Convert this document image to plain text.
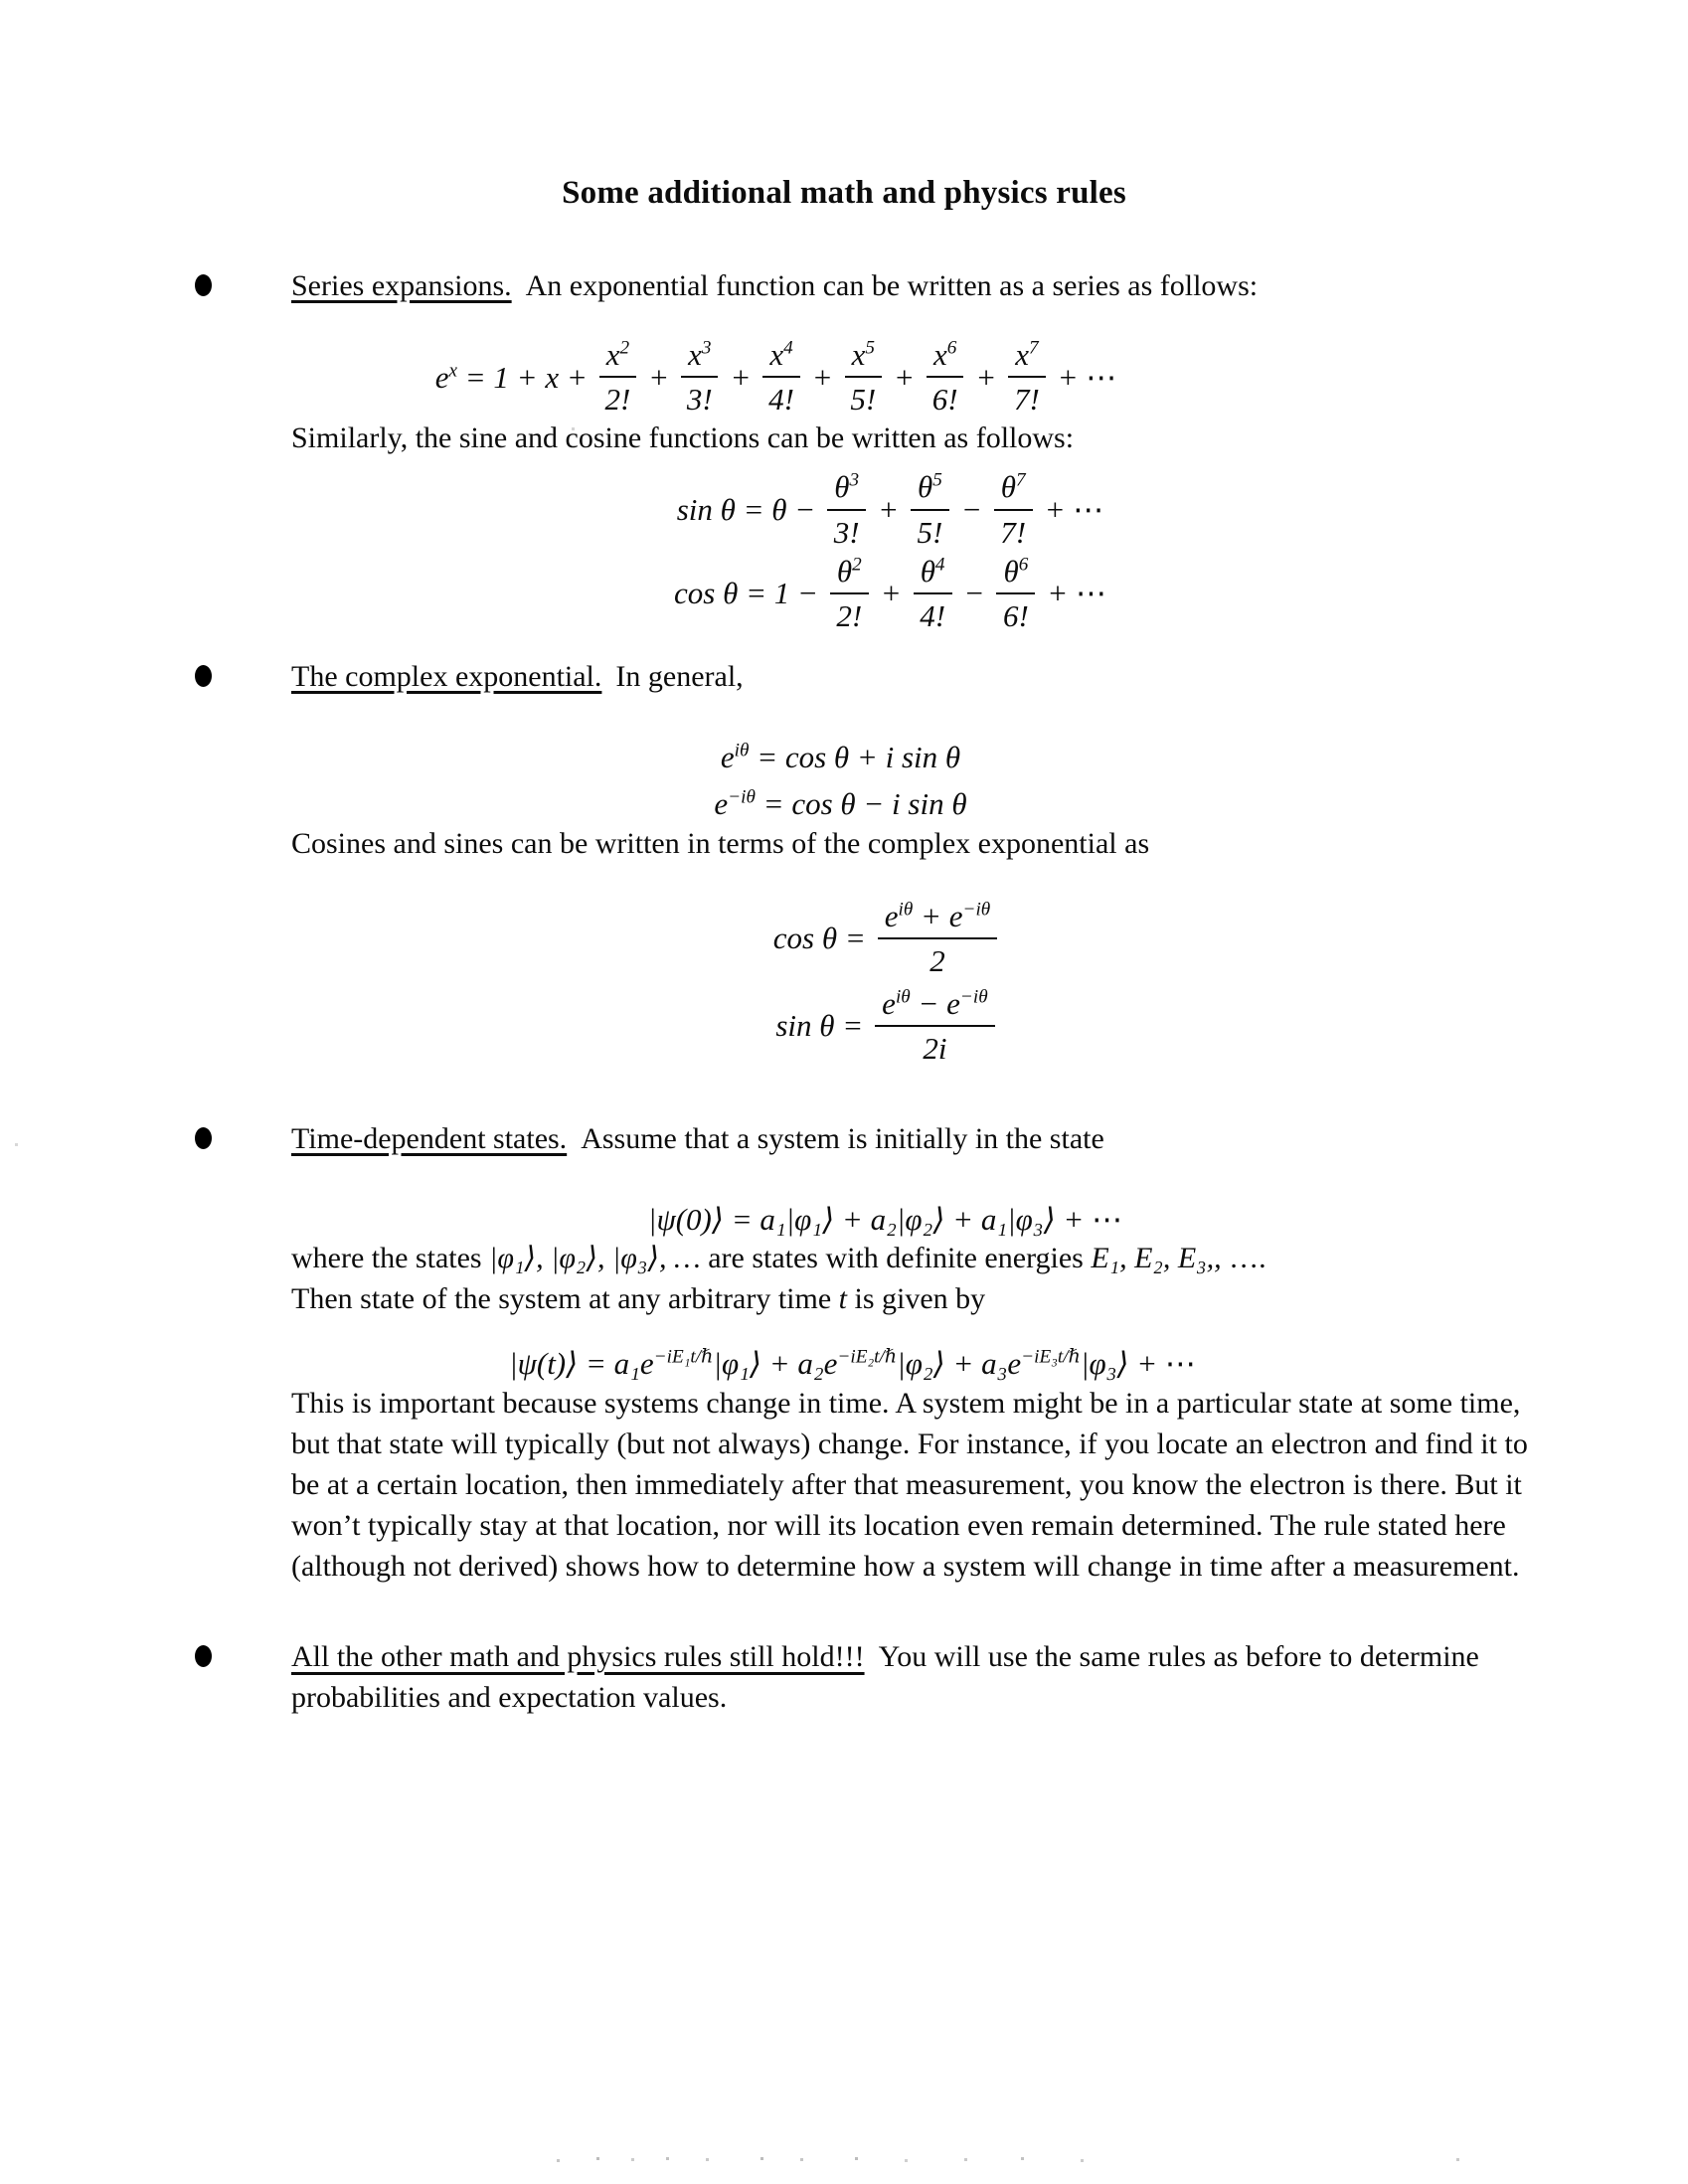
Some additional math and physics rules

Series expansions. An exponential function can be written as a series as follows:

$e^x = 1 + x + \frac{x^2}{2!} + \frac{x^3}{3!} + \frac{x^4}{4!} + \frac{x^5}{5!} + \frac{x^6}{6!} + \frac{x^7}{7!}$ + ⋯

Similarly, the sine and cosine functions can be written as follows:

$\sin \theta = \theta - \frac{\theta^3}{3!} + \frac{\theta^5}{5!} - \frac{\theta^7}{7!}$ + ⋯
$\cos \theta = 1 - \frac{\theta^2}{2!} + \frac{\theta^4}{4!} - \frac{\theta^6}{6!}$ + ⋯

The complex exponential. In general,

$e^{i\theta} = \cos \theta + i$ sin θ
$e^{-i\theta} = \cos \theta - i$ sin θ

Cosines and sines can be written in terms of the complex exponential as

$\cos \theta = \frac{e^{i\theta} + e^{-i\theta}}{2}$
$\sin \theta = \frac{e^{i\theta} - e^{-i\theta}}{2i}$

Time-dependent states. Assume that a system is initially in the state

|ψ(0)⟩ = a₁|φ₁⟩ + a₂|φ₂⟩ + a₁|φ₃⟩ + ⋯

where the states |φ₁⟩, |φ₂⟩, |φ₃⟩, … are states with definite energies E₁, E₂, E₃,, ….

Then state of the system at any arbitrary time t is given by

|ψ(t)⟩ = $a_1e^{-iE_1t/\hbar}|\varphi_1⟩$ + $a_2e^{-iE_2t/\hbar}|\varphi_2⟩$ + $a_3e^{-iE_3t/\hbar}|\varphi_3⟩$ + ⋯

This is important because systems change in time. A system might be in a particular state at some time, but that state will typically (but not always) change. For instance, if you locate an electron and find it to be at a certain location, then immediately after that measurement, you know the electron is there. But it won’t typically stay at that location, nor will its location even remain determined. The rule stated here (although not derived) shows how to determine how a system will change in time after a measurement.

All the other math and physics rules still hold!!! You will use the same rules as before to determine probabilities and expectation values.
